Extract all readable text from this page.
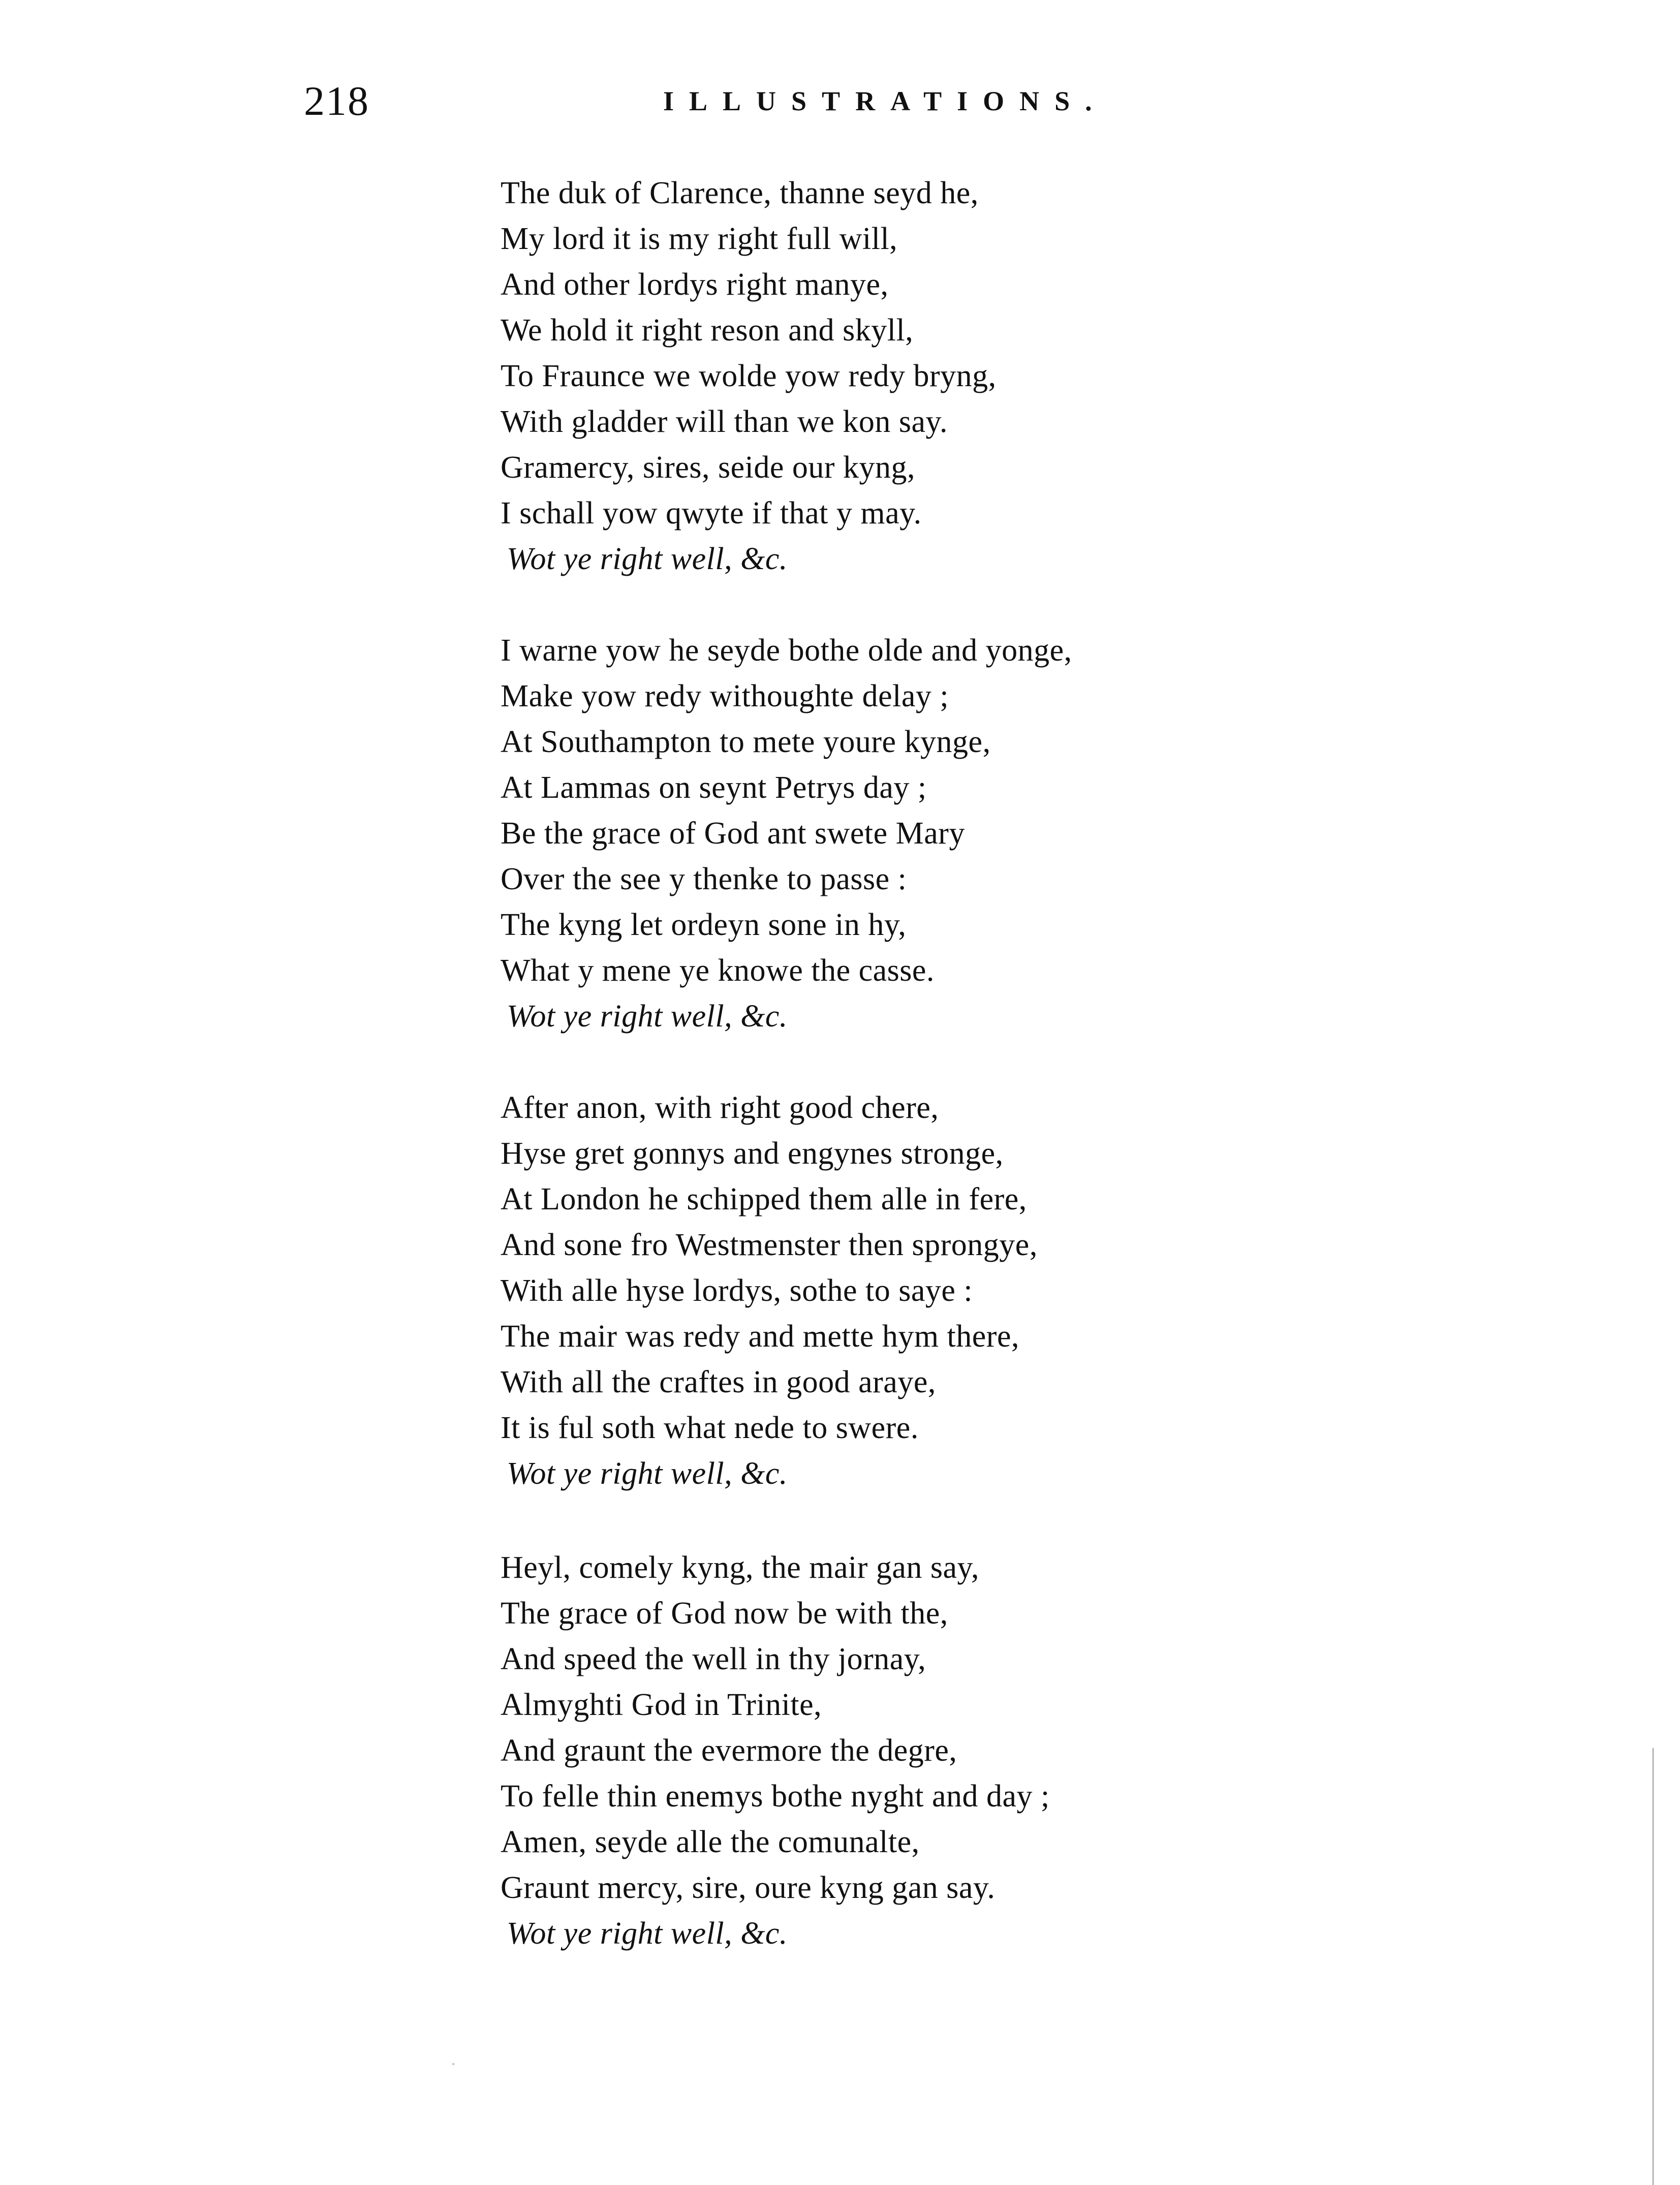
218	ILLUSTRATIONS.
The duk of Clarence, thanne seyd he,
My lord it is my right full will,
And other lordys right manye,
We hold it right reson and skyll,
To Fraunce we wolde yow redy bryng,
With gladder will than we kon say.
Gramercy, sires, seide our kyng,
I schall yow qwyte if that y may.
Wot ye right well, &c.
I warne yow he seyde bothe olde and yonge,
Make yow redy withoughte delay ;
At Southampton to mete youre kynge,
At Lammas on seynt Petrys day ;
Be the grace of God ant swete Mary
Over the see y thenke to passe :
The kyng let ordeyn sone in hy,
What y mene ye knowe the casse.
Wot ye right well, &c.
After anon, with right good chere,
Hyse gret gonnys and engynes stronge,
At London he schipped them alle in fere,
And sone fro Westmenster then sprongye,
With alle hyse lordys, sothe to saye :
The mair was redy and mette hym there,
With all the craftes in good araye,
It is ful soth what nede to swere.
Wot ye right well, &c.
Heyl, comely kyng, the mair gan say,
The grace of God now be with the,
And speed the well in thy jornay,
Almyghti God in Trinite,
And graunt the evermore the degre,
To felle thin enemys bothe nyght and day ;
Amen, seyde alle the comunalte,
Graunt mercy, sire, oure kyng gan say.
Wot ye right well, &c.
